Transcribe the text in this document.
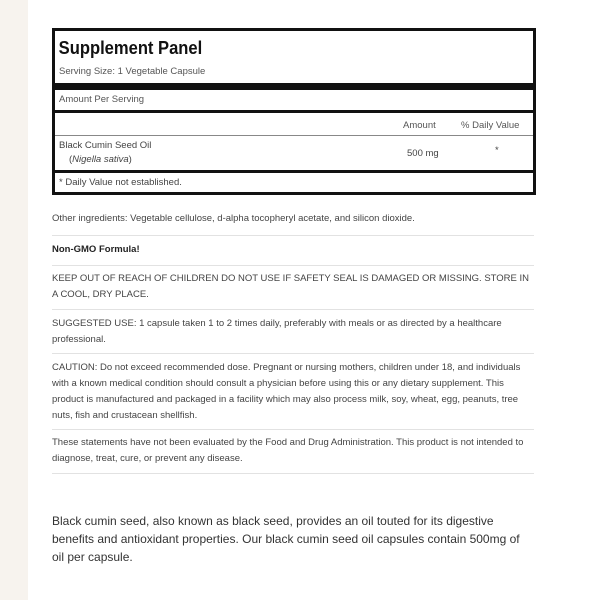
Supplement Panel
Serving Size: 1 Vegetable Capsule
Amount Per Serving
Amount	% Daily Value
Black Cumin Seed Oil
(Nigella sativa)
500 mg	*
* Daily Value not established.
Other ingredients: Vegetable cellulose, d-alpha tocopheryl acetate, and silicon dioxide.
Non-GMO Formula!
KEEP OUT OF REACH OF CHILDREN DO NOT USE IF SAFETY SEAL IS DAMAGED OR MISSING. STORE IN A COOL, DRY PLACE.
SUGGESTED USE: 1 capsule taken 1 to 2 times daily, preferably with meals or as directed by a healthcare professional.
CAUTION: Do not exceed recommended dose. Pregnant or nursing mothers, children under 18, and individuals with a known medical condition should consult a physician before using this or any dietary supplement. This product is manufactured and packaged in a facility which may also process milk, soy, wheat, egg, peanuts, tree nuts, fish and crustacean shellfish.
These statements have not been evaluated by the Food and Drug Administration. This product is not intended to diagnose, treat, cure, or prevent any disease.
Black cumin seed, also known as black seed, provides an oil touted for its digestive benefits and antioxidant properties. Our black cumin seed oil capsules contain 500mg of oil per capsule.
